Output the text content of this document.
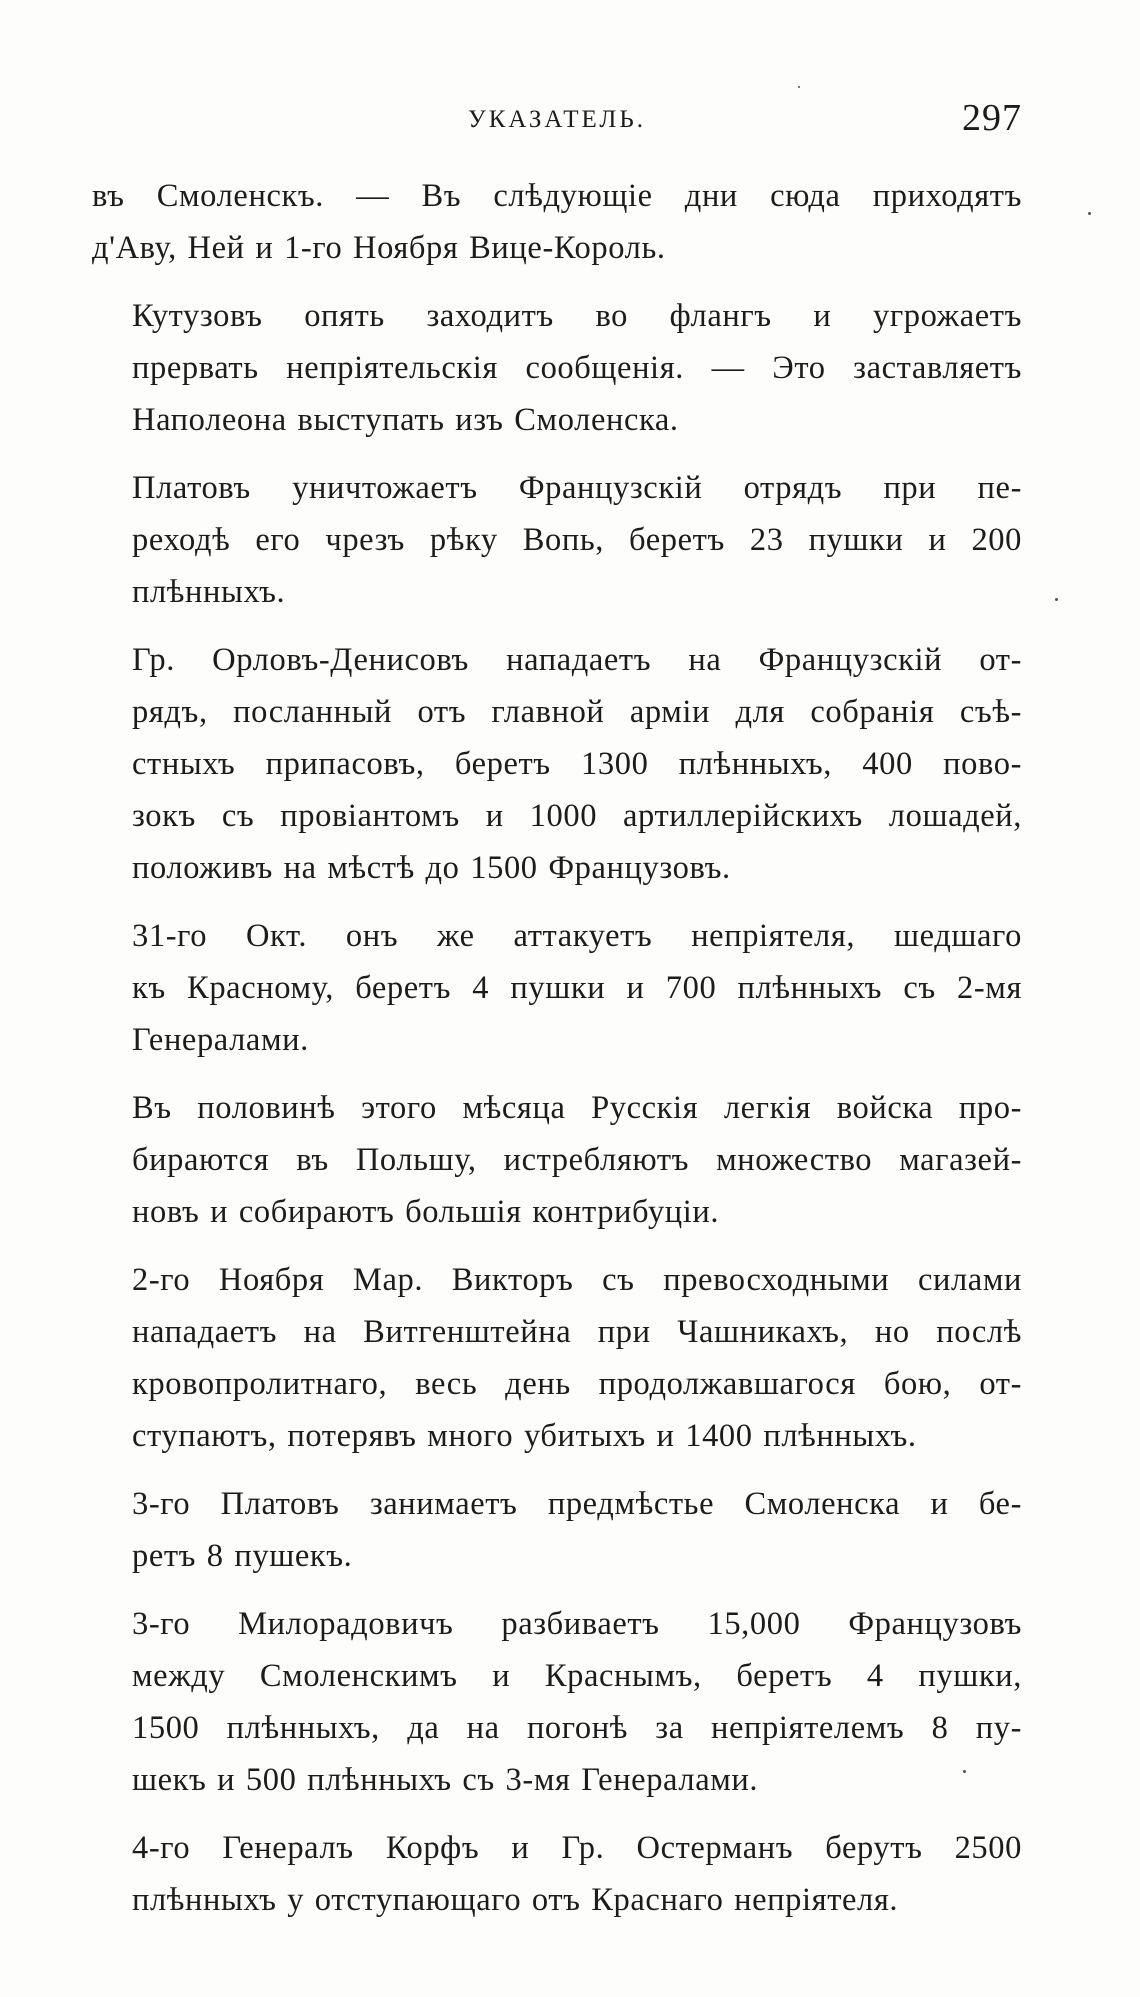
УКАЗАТЕЛЬ.	297

въ Смоленскъ. — Въ слѣдующіе дни сюда приходятъ
д'Аву, Ней и 1-го Ноября Вице-Король.

Кутузовъ опять заходитъ во флангъ и угрожаетъ
прервать непріятельскія сообщенія. — Это заставляетъ
Наполеона выступать изъ Смоленска.

Платовъ уничтожаетъ Французскій отрядъ при пе-
реходѣ его чрезъ рѣку Вопь, беретъ 23 пушки и 200
плѣнныхъ.

Гр. Орловъ-Денисовъ нападаетъ на Французскій от-
рядъ, посланный отъ главной арміи для собранія съѣ-
стныхъ припасовъ, беретъ 1300 плѣнныхъ, 400 пово-
зокъ съ провіантомъ и 1000 артиллерійскихъ лошадей,
положивъ на мѣстѣ до 1500 Французовъ.

31-го Окт. онъ же аттакуетъ непріятеля, шедшаго
къ Красному, беретъ 4 пушки и 700 плѣнныхъ съ 2-мя
Генералами.

Въ половинѣ этого мѣсяца Русскія легкія войска про-
бираются въ Польшу, истребляютъ множество магазей-
новъ и собираютъ большія контрибуціи.

2-го Ноября Мар. Викторъ съ превосходными силами
нападаетъ на Витгенштейна при Чашникахъ, но послѣ
кровопролитнаго, весь день продолжавшагося бою, от-
ступаютъ, потерявъ много убитыхъ и 1400 плѣнныхъ.

3-го Платовъ занимаетъ предмѣстье Смоленска и бе-
ретъ 8 пушекъ.

3-го Милорадовичъ разбиваетъ 15,000 Французовъ
между Смоленскимъ и Краснымъ, беретъ 4 пушки,
1500 плѣнныхъ, да на погонѣ за непріятелемъ 8 пу-
шекъ и 500 плѣнныхъ съ 3-мя Генералами.

4-го Генералъ Корфъ и Гр. Остерманъ берутъ 2500
плѣнныхъ у отступающаго отъ Краснаго непріятеля.
